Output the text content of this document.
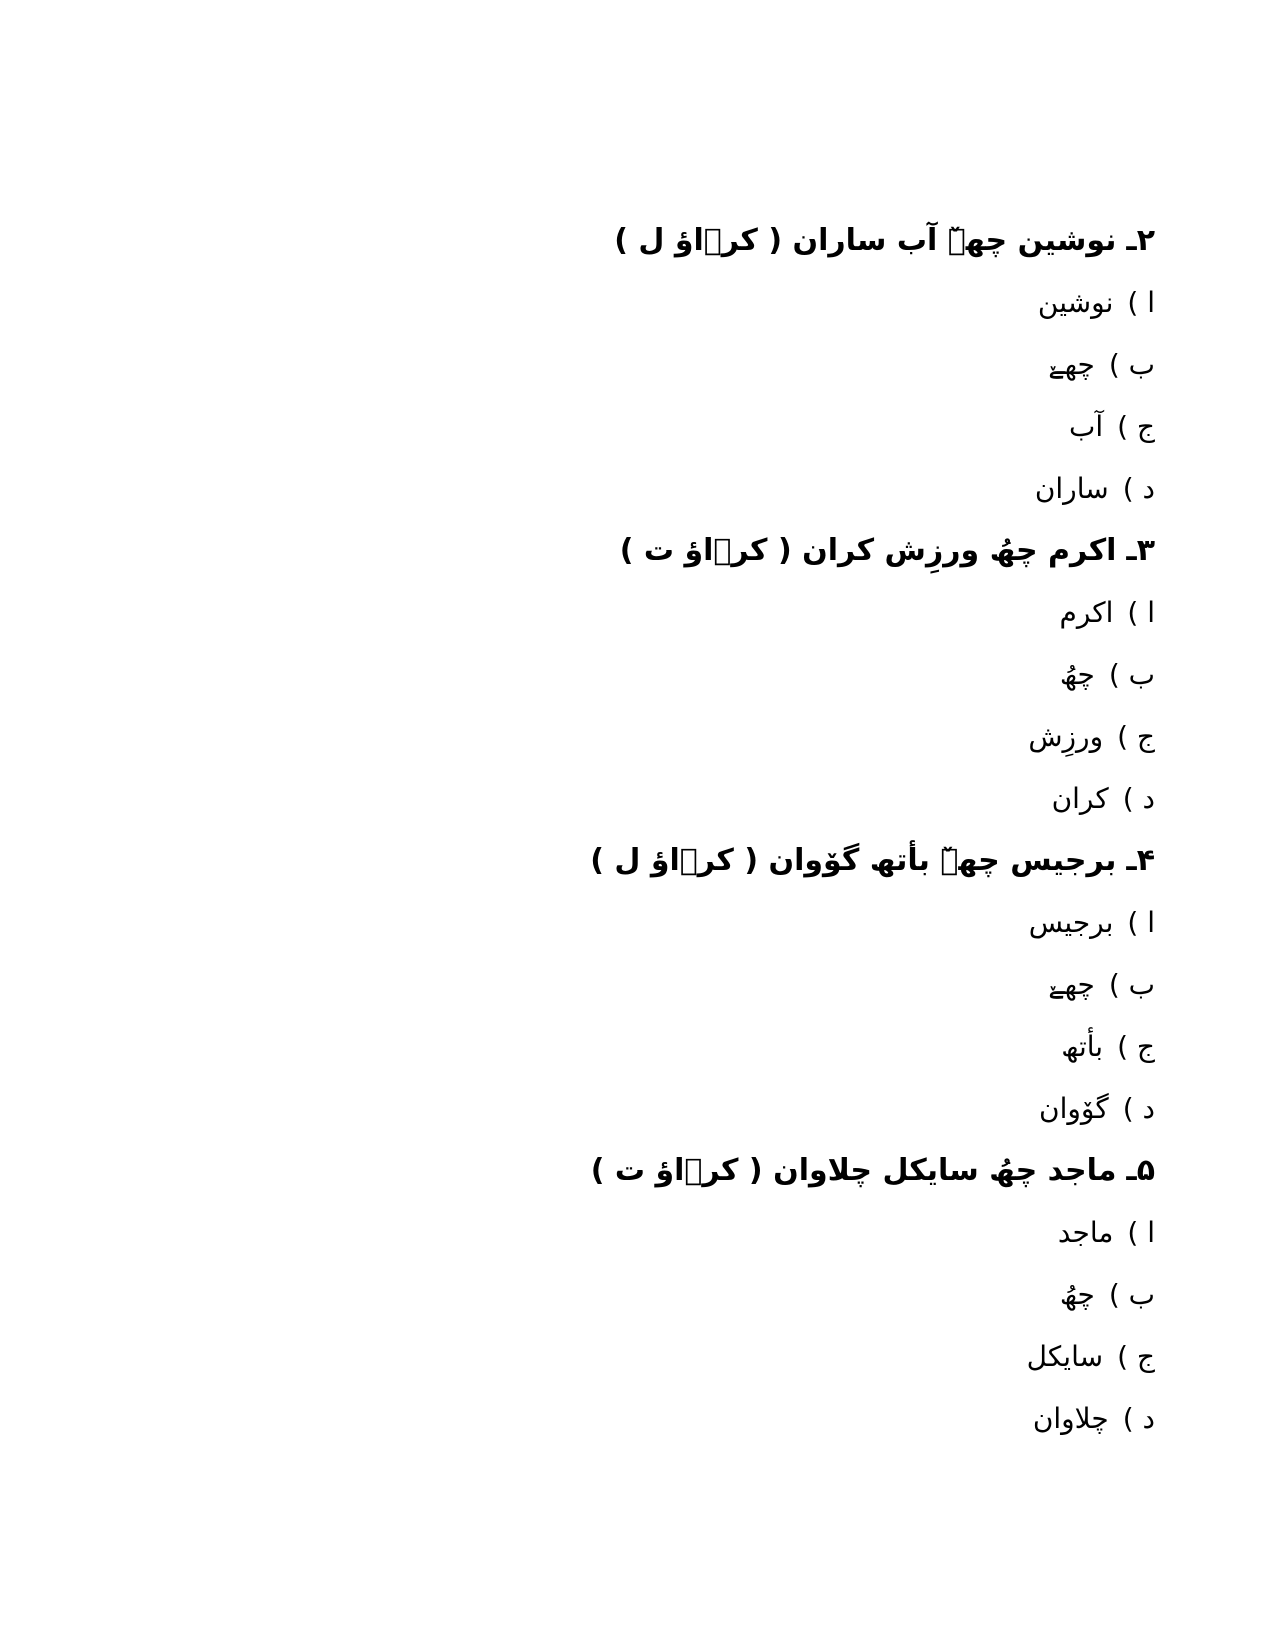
۲ـنوشین چھےٚ آب ساران ( کرٛاؤ ل )
ا )نوشین
ب )چھےٚ
ج )آب
د )ساران
۳ـاکرم چھُ ورزِش کران ( کرٛاؤ ت )
ا )اکرم
ب )چھُ
ج )ورزِش
د )کران
۴ـبرجیس چھےٚ بأتھ گوٚوان ( کرٛاؤ ل )
ا )برجیس
ب )چھےٚ
ج )بأتھ
د )گوٚوان
۵ـماجد چھُ سایکل چلاوان ( کرٛاؤ ت )
ا )ماجد
ب )چھُ
ج )سایکل
د )چلاوان
